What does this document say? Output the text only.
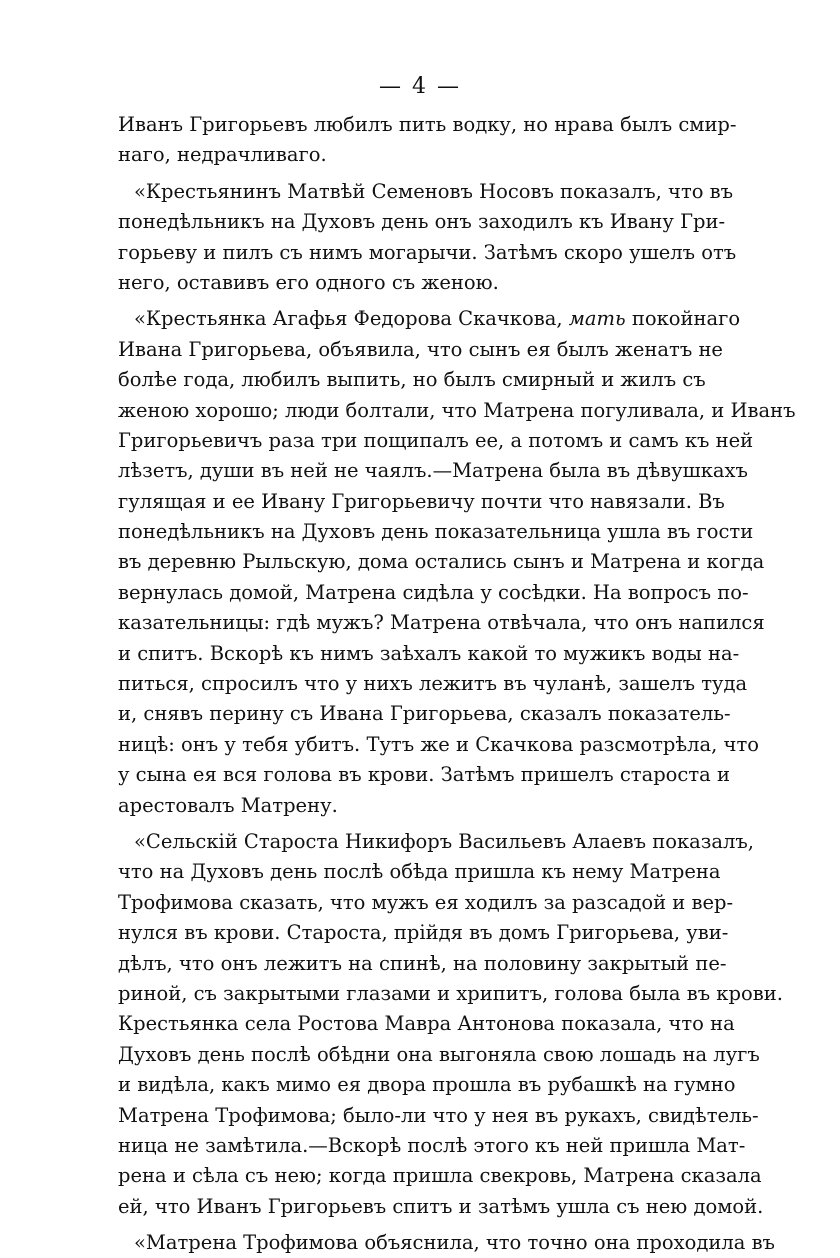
— 4 —
Иванъ Григорьевъ любилъ пить водку, но нрава былъ смир-
наго, недрачливаго.
«Крестьянинъ Матвѣй Семеновъ Носовъ показалъ, что въ
понедѣльникъ на Духовъ день онъ заходилъ къ Ивану Гри-
горьеву и пилъ съ нимъ могарычи. Затѣмъ скоро ушелъ отъ
него, оставивъ его одного съ женою.
«Крестьянка Агафья Федорова Скачкова, мать покойнаго
Ивана Григорьева, объявила, что сынъ ея былъ женатъ не
болѣе года, любилъ выпить, но былъ смирный и жилъ съ
женою хорошо; люди болтали, что Матрена погуливала, и Иванъ
Григорьевичъ раза три пощипалъ ее, а потомъ и самъ къ ней
лѣзетъ, души въ ней не чаялъ.—Матрена была въ дѣвушкахъ
гулящая и ее Ивану Григорьевичу почти что навязали. Въ
понедѣльникъ на Духовъ день показательница ушла въ гости
въ деревню Рыльскую, дома остались сынъ и Матрена и когда
вернулась домой, Матрена сидѣла у сосѣдки. На вопросъ по-
казательницы: гдѣ мужъ? Матрена отвѣчала, что онъ напился
и спитъ. Вскорѣ къ нимъ заѣхалъ какой то мужикъ воды на-
питься, спросилъ что у нихъ лежитъ въ чуланѣ, зашелъ туда
и, снявъ перину съ Ивана Григорьева, сказалъ показатель-
ницѣ: онъ у тебя убитъ. Тутъ же и Скачкова разсмотрѣла, что
у сына ея вся голова въ крови. Затѣмъ пришелъ староста и
арестовалъ Матрену.
«Сельскій Староста Никифоръ Васильевъ Алаевъ показалъ,
что на Духовъ день послѣ обѣда пришла къ нему Матрена
Трофимова сказать, что мужъ ея ходилъ за разсадой и вер-
нулся въ крови. Староста, прійдя въ домъ Григорьева, уви-
дѣлъ, что онъ лежитъ на спинѣ, на половину закрытый пе-
риной, съ закрытыми глазами и хрипитъ, голова была въ крови.
Крестьянка села Ростова Мавра Антонова показала, что на
Духовъ день послѣ обѣдни она выгоняла свою лошадь на лугъ
и видѣла, какъ мимо ея двора прошла въ рубашкѣ на гумно
Матрена Трофимова; было-ли что у нея въ рукахъ, свидѣтель-
ница не замѣтила.—Вскорѣ послѣ этого къ ней пришла Мат-
рена и сѣла съ нею; когда пришла свекровь, Матрена сказала
ей, что Иванъ Григорьевъ спитъ и затѣмъ ушла съ нею домой.
«Матрена Трофимова объяснила, что точно она проходила въ
